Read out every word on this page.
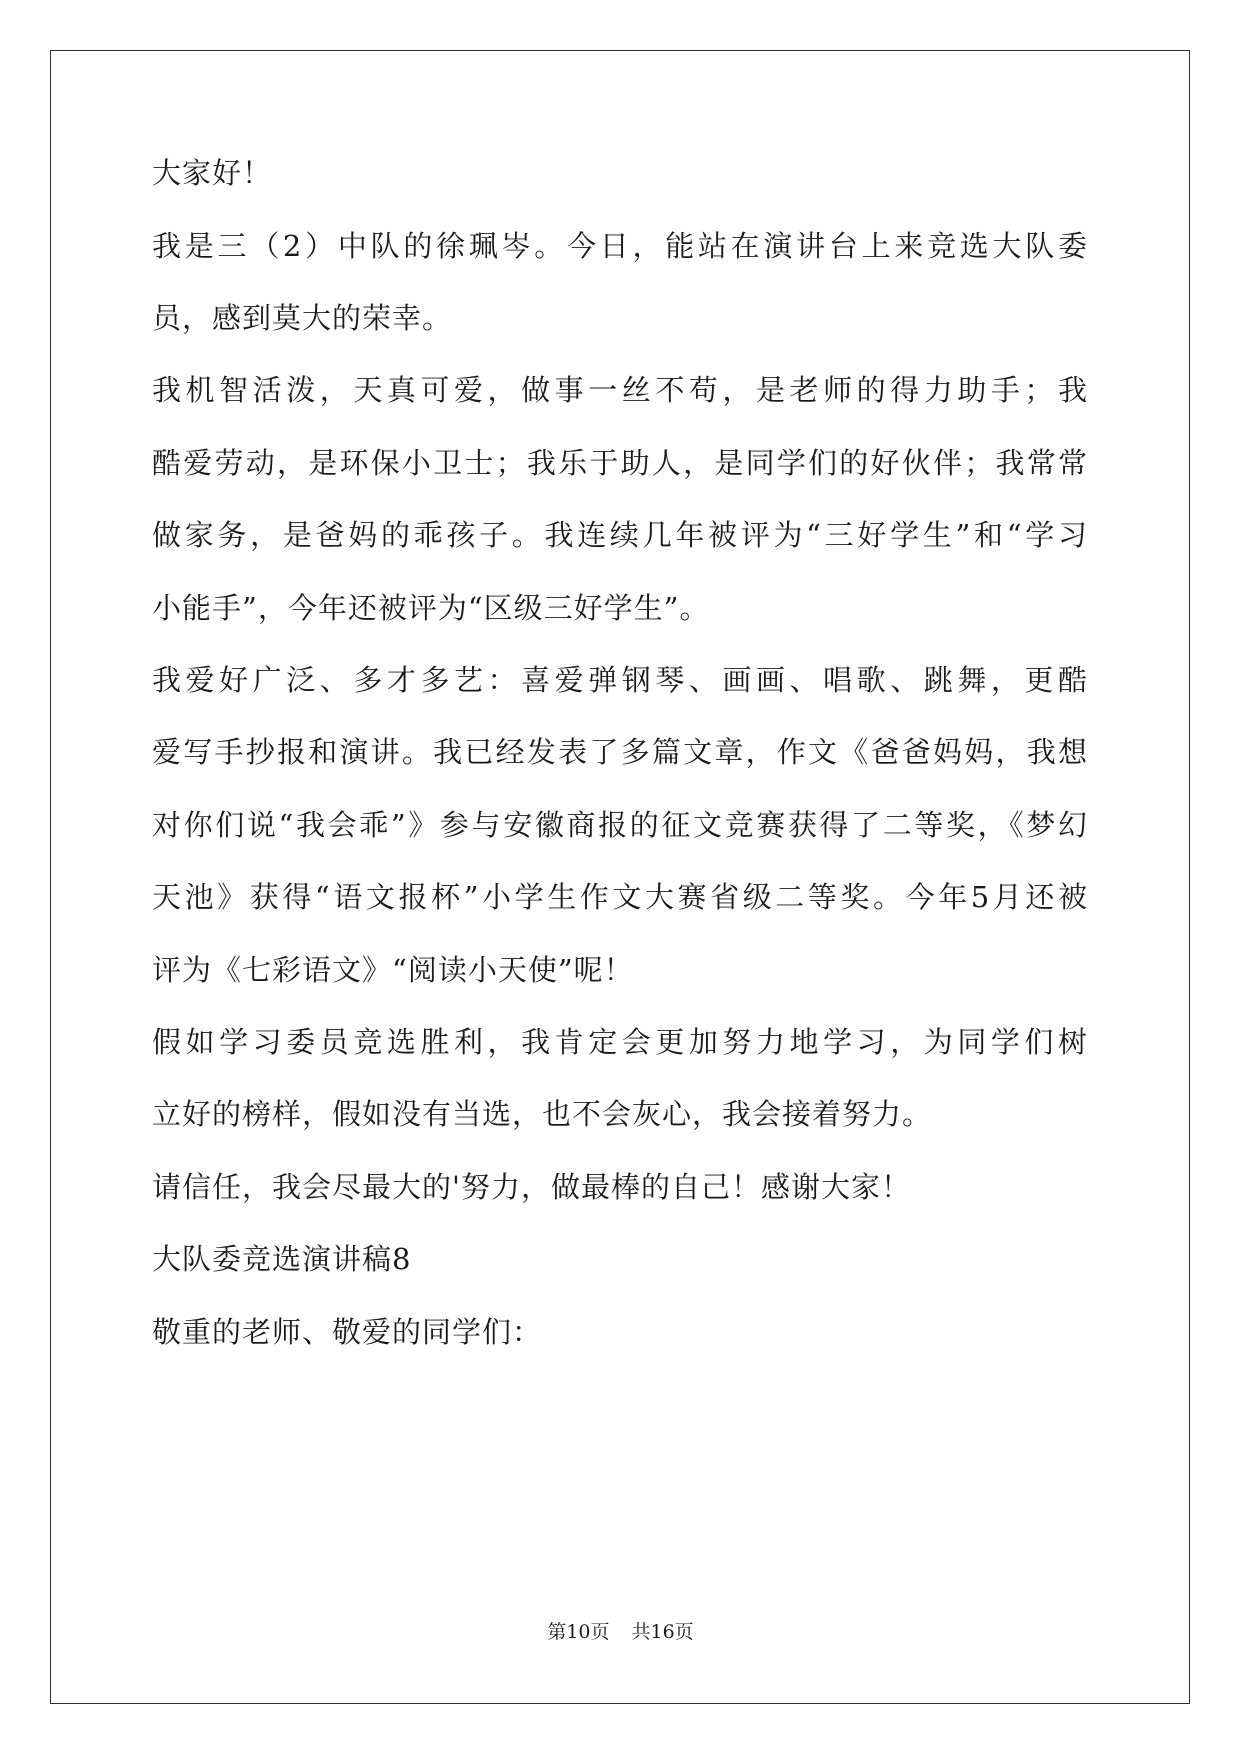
大家好！
我是三（2）中队的徐珮岑。今日，能站在演讲台上来竞选大队委
员，感到莫大的荣幸。
我机智活泼，天真可爱，做事一丝不苟，是老师的得力助手；我
酷爱劳动，是环保小卫士；我乐于助人，是同学们的好伙伴；我常常
做家务，是爸妈的乖孩子。我连续几年被评为“三好学生”和“学习
小能手”，今年还被评为“区级三好学生”。
我爱好广泛、多才多艺：喜爱弹钢琴、画画、唱歌、跳舞，更酷
爱写手抄报和演讲。我已经发表了多篇文章，作文《爸爸妈妈，我想
对你们说“我会乖”》参与安徽商报的征文竞赛获得了二等奖，《梦幻
天池》获得“语文报杯”小学生作文大赛省级二等奖。今年5月还被
评为《七彩语文》“阅读小天使”呢！
假如学习委员竞选胜利，我肯定会更加努力地学习，为同学们树
立好的榜样，假如没有当选，也不会灰心，我会接着努力。
请信任，我会尽最大的'努力，做最棒的自己！感谢大家！
大队委竞选演讲稿8
敬重的老师、敬爱的同学们：
第10页 共16页
